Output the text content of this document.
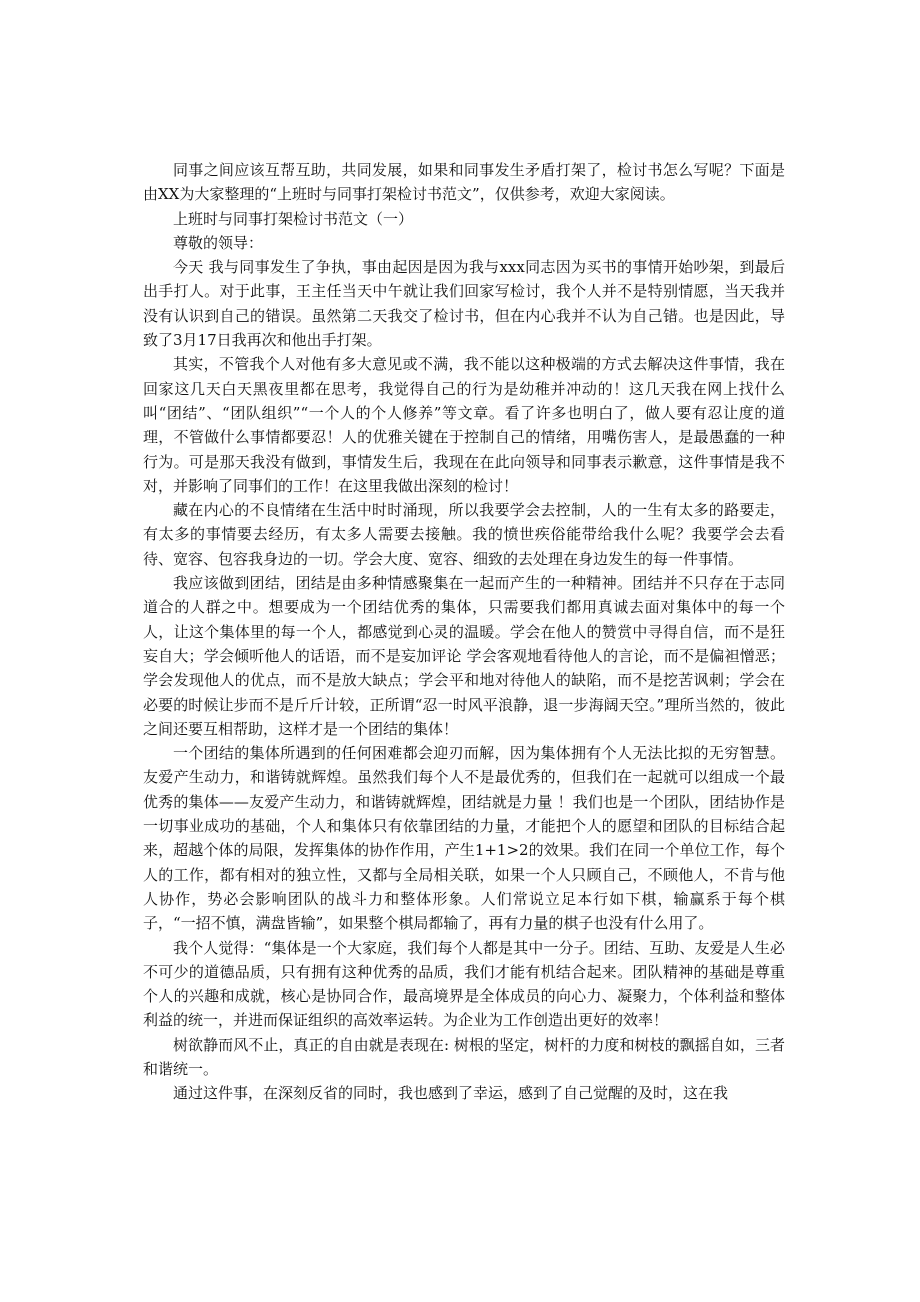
同事之间应该互帮互助，共同发展，如果和同事发生矛盾打架了，检讨书怎么写呢？下面是由XX为大家整理的“上班时与同事打架检讨书范文”，仅供参考，欢迎大家阅读。

上班时与同事打架检讨书范文（一）

尊敬的领导：

今天 我与同事发生了争执，事由起因是因为我与xxx同志因为买书的事情开始吵架，到最后出手打人。对于此事，王主任当天中午就让我们回家写检讨，我个人并不是特别情愿，当天我并没有认识到自己的错误。虽然第二天我交了检讨书，但在内心我并不认为自己错。也是因此，导致了3月17日我再次和他出手打架。

其实，不管我个人对他有多大意见或不满，我不能以这种极端的方式去解决这件事情，我在回家这几天白天黑夜里都在思考，我觉得自己的行为是幼稚并冲动的！这几天我在网上找什么叫“团结”、“团队组织”“一个人的个人修养”等文章。看了许多也明白了，做人要有忍让度的道理，不管做什么事情都要忍！人的优雅关键在于控制自己的情绪，用嘴伤害人，是最愚蠢的一种行为。可是那天我没有做到，事情发生后，我现在在此向领导和同事表示歉意，这件事情是我不对，并影响了同事们的工作！在这里我做出深刻的检讨！

藏在内心的不良情绪在生活中时时涌现，所以我要学会去控制，人的一生有太多的路要走，有太多的事情要去经历，有太多人需要去接触。我的愤世疾俗能带给我什么呢？我要学会去看待、宽容、包容我身边的一切。学会大度、宽容、细致的去处理在身边发生的每一件事情。

我应该做到团结，团结是由多种情感聚集在一起而产生的一种精神。团结并不只存在于志同道合的人群之中。想要成为一个团结优秀的集体，只需要我们都用真诚去面对集体中的每一个人，让这个集体里的每一个人，都感觉到心灵的温暖。学会在他人的赞赏中寻得自信，而不是狂妄自大；学会倾听他人的话语，而不是妄加评论 学会客观地看待他人的言论，而不是偏袒憎恶；学会发现他人的优点，而不是放大缺点；学会平和地对待他人的缺陷，而不是挖苦讽刺；学会在必要的时候让步而不是斤斤计较，正所谓“忍一时风平浪静，退一步海阔天空。”理所当然的，彼此之间还要互相帮助，这样才是一个团结的集体！

一个团结的集体所遇到的任何困难都会迎刃而解，因为集体拥有个人无法比拟的无穷智慧。友爱产生动力，和谐铸就辉煌。虽然我们每个人不是最优秀的，但我们在一起就可以组成一个最优秀的集体——友爱产生动力，和谐铸就辉煌，团结就是力量 ！我们也是一个团队，团结协作是一切事业成功的基础，个人和集体只有依靠团结的力量，才能把个人的愿望和团队的目标结合起来，超越个体的局限，发挥集体的协作作用，产生1+1>2的效果。我们在同一个单位工作，每个人的工作，都有相对的独立性，又都与全局相关联，如果一个人只顾自己，不顾他人，不肯与他人协作，势必会影响团队的战斗力和整体形象。人们常说立足本行如下棋，输赢系于每个棋子，“一招不慎，满盘皆输”，如果整个棋局都输了，再有力量的棋子也没有什么用了。

我个人觉得：“集体是一个大家庭，我们每个人都是其中一分子。团结、互助、友爱是人生必不可少的道德品质，只有拥有这种优秀的品质，我们才能有机结合起来。团队精神的基础是尊重个人的兴趣和成就，核心是协同合作，最高境界是全体成员的向心力、凝聚力，个体利益和整体利益的统一，并进而保证组织的高效率运转。为企业为工作创造出更好的效率！

树欲静而风不止，真正的自由就是表现在: 树根的坚定，树杆的力度和树枝的飘摇自如，三者和谐统一。

通过这件事，在深刻反省的同时，我也感到了幸运，感到了自己觉醒的及时，这在我
